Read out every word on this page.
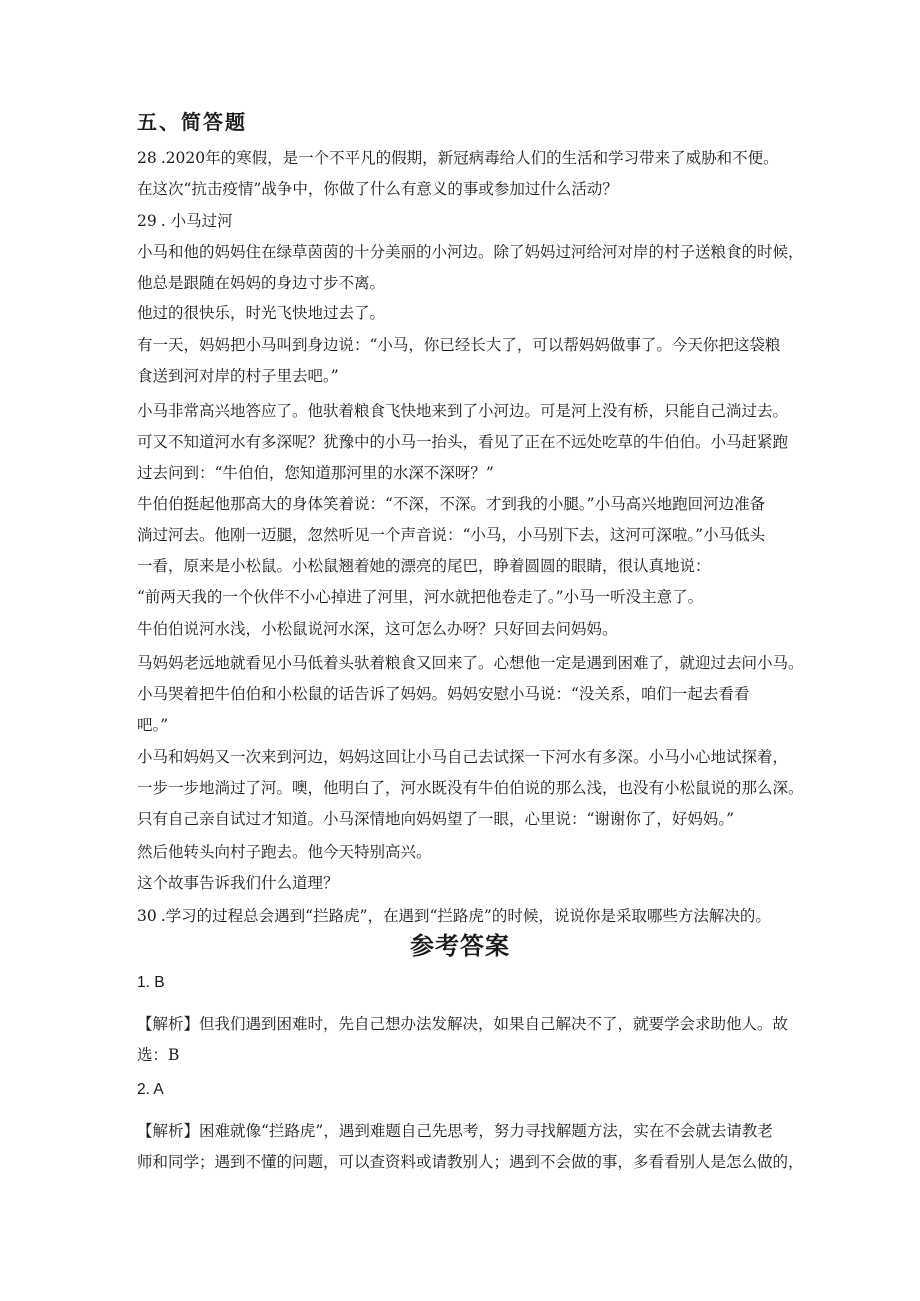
五、简答题

28 .2020年的寒假，是一个不平凡的假期，新冠病毒给人们的生活和学习带来了威胁和不便。

在这次“抗击疫情”战争中，你做了什么有意义的事或参加过什么活动？

29 . 小马过河

小马和他的妈妈住在绿草茵茵的十分美丽的小河边。除了妈妈过河给河对岸的村子送粮食的时候，

他总是跟随在妈妈的身边寸步不离。

他过的很快乐，时光飞快地过去了。

有一天，妈妈把小马叫到身边说：“小马，你已经长大了，可以帮妈妈做事了。今天你把这袋粮

食送到河对岸的村子里去吧。”

小马非常高兴地答应了。他驮着粮食飞快地来到了小河边。可是河上没有桥，只能自己淌过去。

可又不知道河水有多深呢？犹豫中的小马一抬头，看见了正在不远处吃草的牛伯伯。小马赶紧跑

过去问到：“牛伯伯，您知道那河里的水深不深呀？”

牛伯伯挺起他那高大的身体笑着说：“不深，不深。才到我的小腿。”小马高兴地跑回河边准备

淌过河去。他刚一迈腿，忽然听见一个声音说：“小马，小马别下去，这河可深啦。”小马低头

一看，原来是小松鼠。小松鼠翘着她的漂亮的尾巴，睁着圆圆的眼睛，很认真地说：

“前两天我的一个伙伴不小心掉进了河里，河水就把他卷走了。”小马一听没主意了。

牛伯伯说河水浅，小松鼠说河水深，这可怎么办呀？只好回去问妈妈。

马妈妈老远地就看见小马低着头驮着粮食又回来了。心想他一定是遇到困难了，就迎过去问小马。

小马哭着把牛伯伯和小松鼠的话告诉了妈妈。妈妈安慰小马说：“没关系，咱们一起去看看

吧。”

小马和妈妈又一次来到河边，妈妈这回让小马自己去试探一下河水有多深。小马小心地试探着，

一步一步地淌过了河。噢，他明白了，河水既没有牛伯伯说的那么浅，也没有小松鼠说的那么深。

只有自己亲自试过才知道。小马深情地向妈妈望了一眼，心里说：“谢谢你了，好妈妈。”

然后他转头向村子跑去。他今天特别高兴。

这个故事告诉我们什么道理？

30 .学习的过程总会遇到“拦路虎”，在遇到“拦路虎”的时候，说说你是采取哪些方法解决的。

参考答案

1. B

【解析】但我们遇到困难时，先自己想办法发解决，如果自己解决不了，就要学会求助他人。故

选：B

2. A

【解析】困难就像“拦路虎”，遇到难题自己先思考，努力寻找解题方法，实在不会就去请教老

师和同学；遇到不懂的问题，可以查资料或请教别人；遇到不会做的事，多看看别人是怎么做的，
